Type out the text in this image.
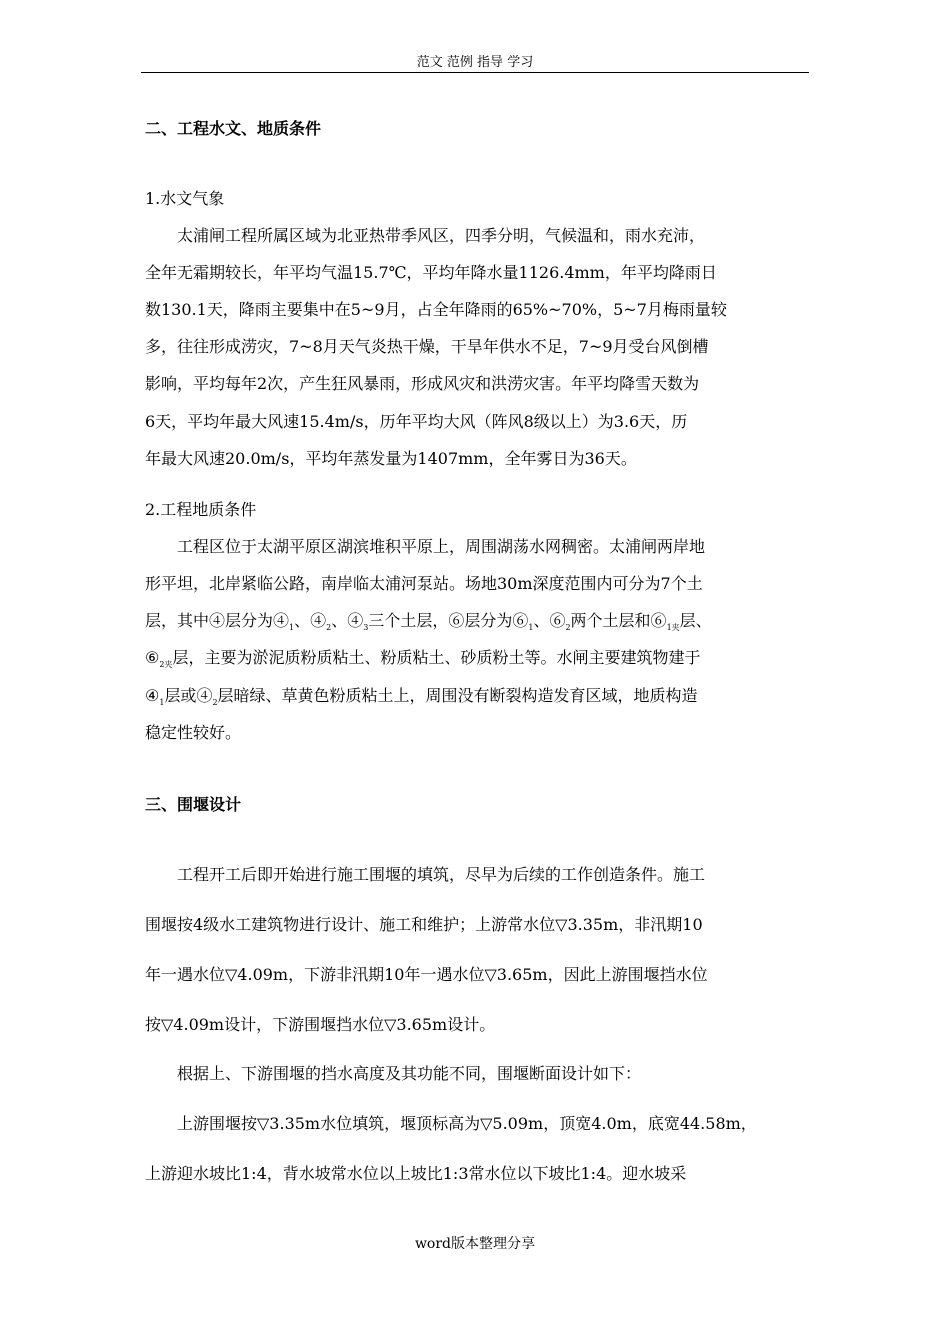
范文 范例 指导 学习
二、工程水文、地质条件
1.水文气象
　　太浦闸工程所属区域为北亚热带季风区，四季分明，气候温和，雨水充沛，
全年无霜期较长，年平均气温15.7℃，平均年降水量1126.4mm，年平均降雨日
数130.1天，降雨主要集中在5~9月，占全年降雨的65%~70%，5~7月梅雨量较
多，往往形成涝灾，7~8月天气炎热干燥，干旱年供水不足，7~9月受台风倒槽
影响，平均每年2次，产生狂风暴雨，形成风灾和洪涝灾害。年平均降雪天数为
6天，平均年最大风速15.4m/s，历年平均大风（阵风8级以上）为3.6天，历
年最大风速20.0m/s，平均年蒸发量为1407mm，全年雾日为36天。
2.工程地质条件
　　工程区位于太湖平原区湖滨堆积平原上，周围湖荡水网稠密。太浦闸两岸地
形平坦，北岸紧临公路，南岸临太浦河泵站。场地30m深度范围内可分为7个土
层，其中④层分为$④_1$、$④_2$、$④_3$三个土层，⑥层分为$⑥_1$、$⑥_2$两个土层和$⑥_{1夹}$层、
$⑥_{2夹}$层，主要为淤泥质粉质粘土、粉质粘土、砂质粉土等。水闸主要建筑物建于
$④_1$层或$④_2$层暗绿、草黄色粉质粘土上，周围没有断裂构造发育区域，地质构造
稳定性较好。
三、围堰设计
　　工程开工后即开始进行施工围堰的填筑，尽早为后续的工作创造条件。施工
围堰按4级水工建筑物进行设计、施工和维护；上游常水位▽3.35m，非汛期10
年一遇水位▽4.09m，下游非汛期10年一遇水位▽3.65m，因此上游围堰挡水位
按▽4.09m设计，下游围堰挡水位▽3.65m设计。
　　根据上、下游围堰的挡水高度及其功能不同，围堰断面设计如下：
　　上游围堰按▽3.35m水位填筑，堰顶标高为▽5.09m，顶宽4.0m，底宽44.58m，
上游迎水坡比1:4，背水坡常水位以上坡比1:3常水位以下坡比1:4。迎水坡采
word版本整理分享
